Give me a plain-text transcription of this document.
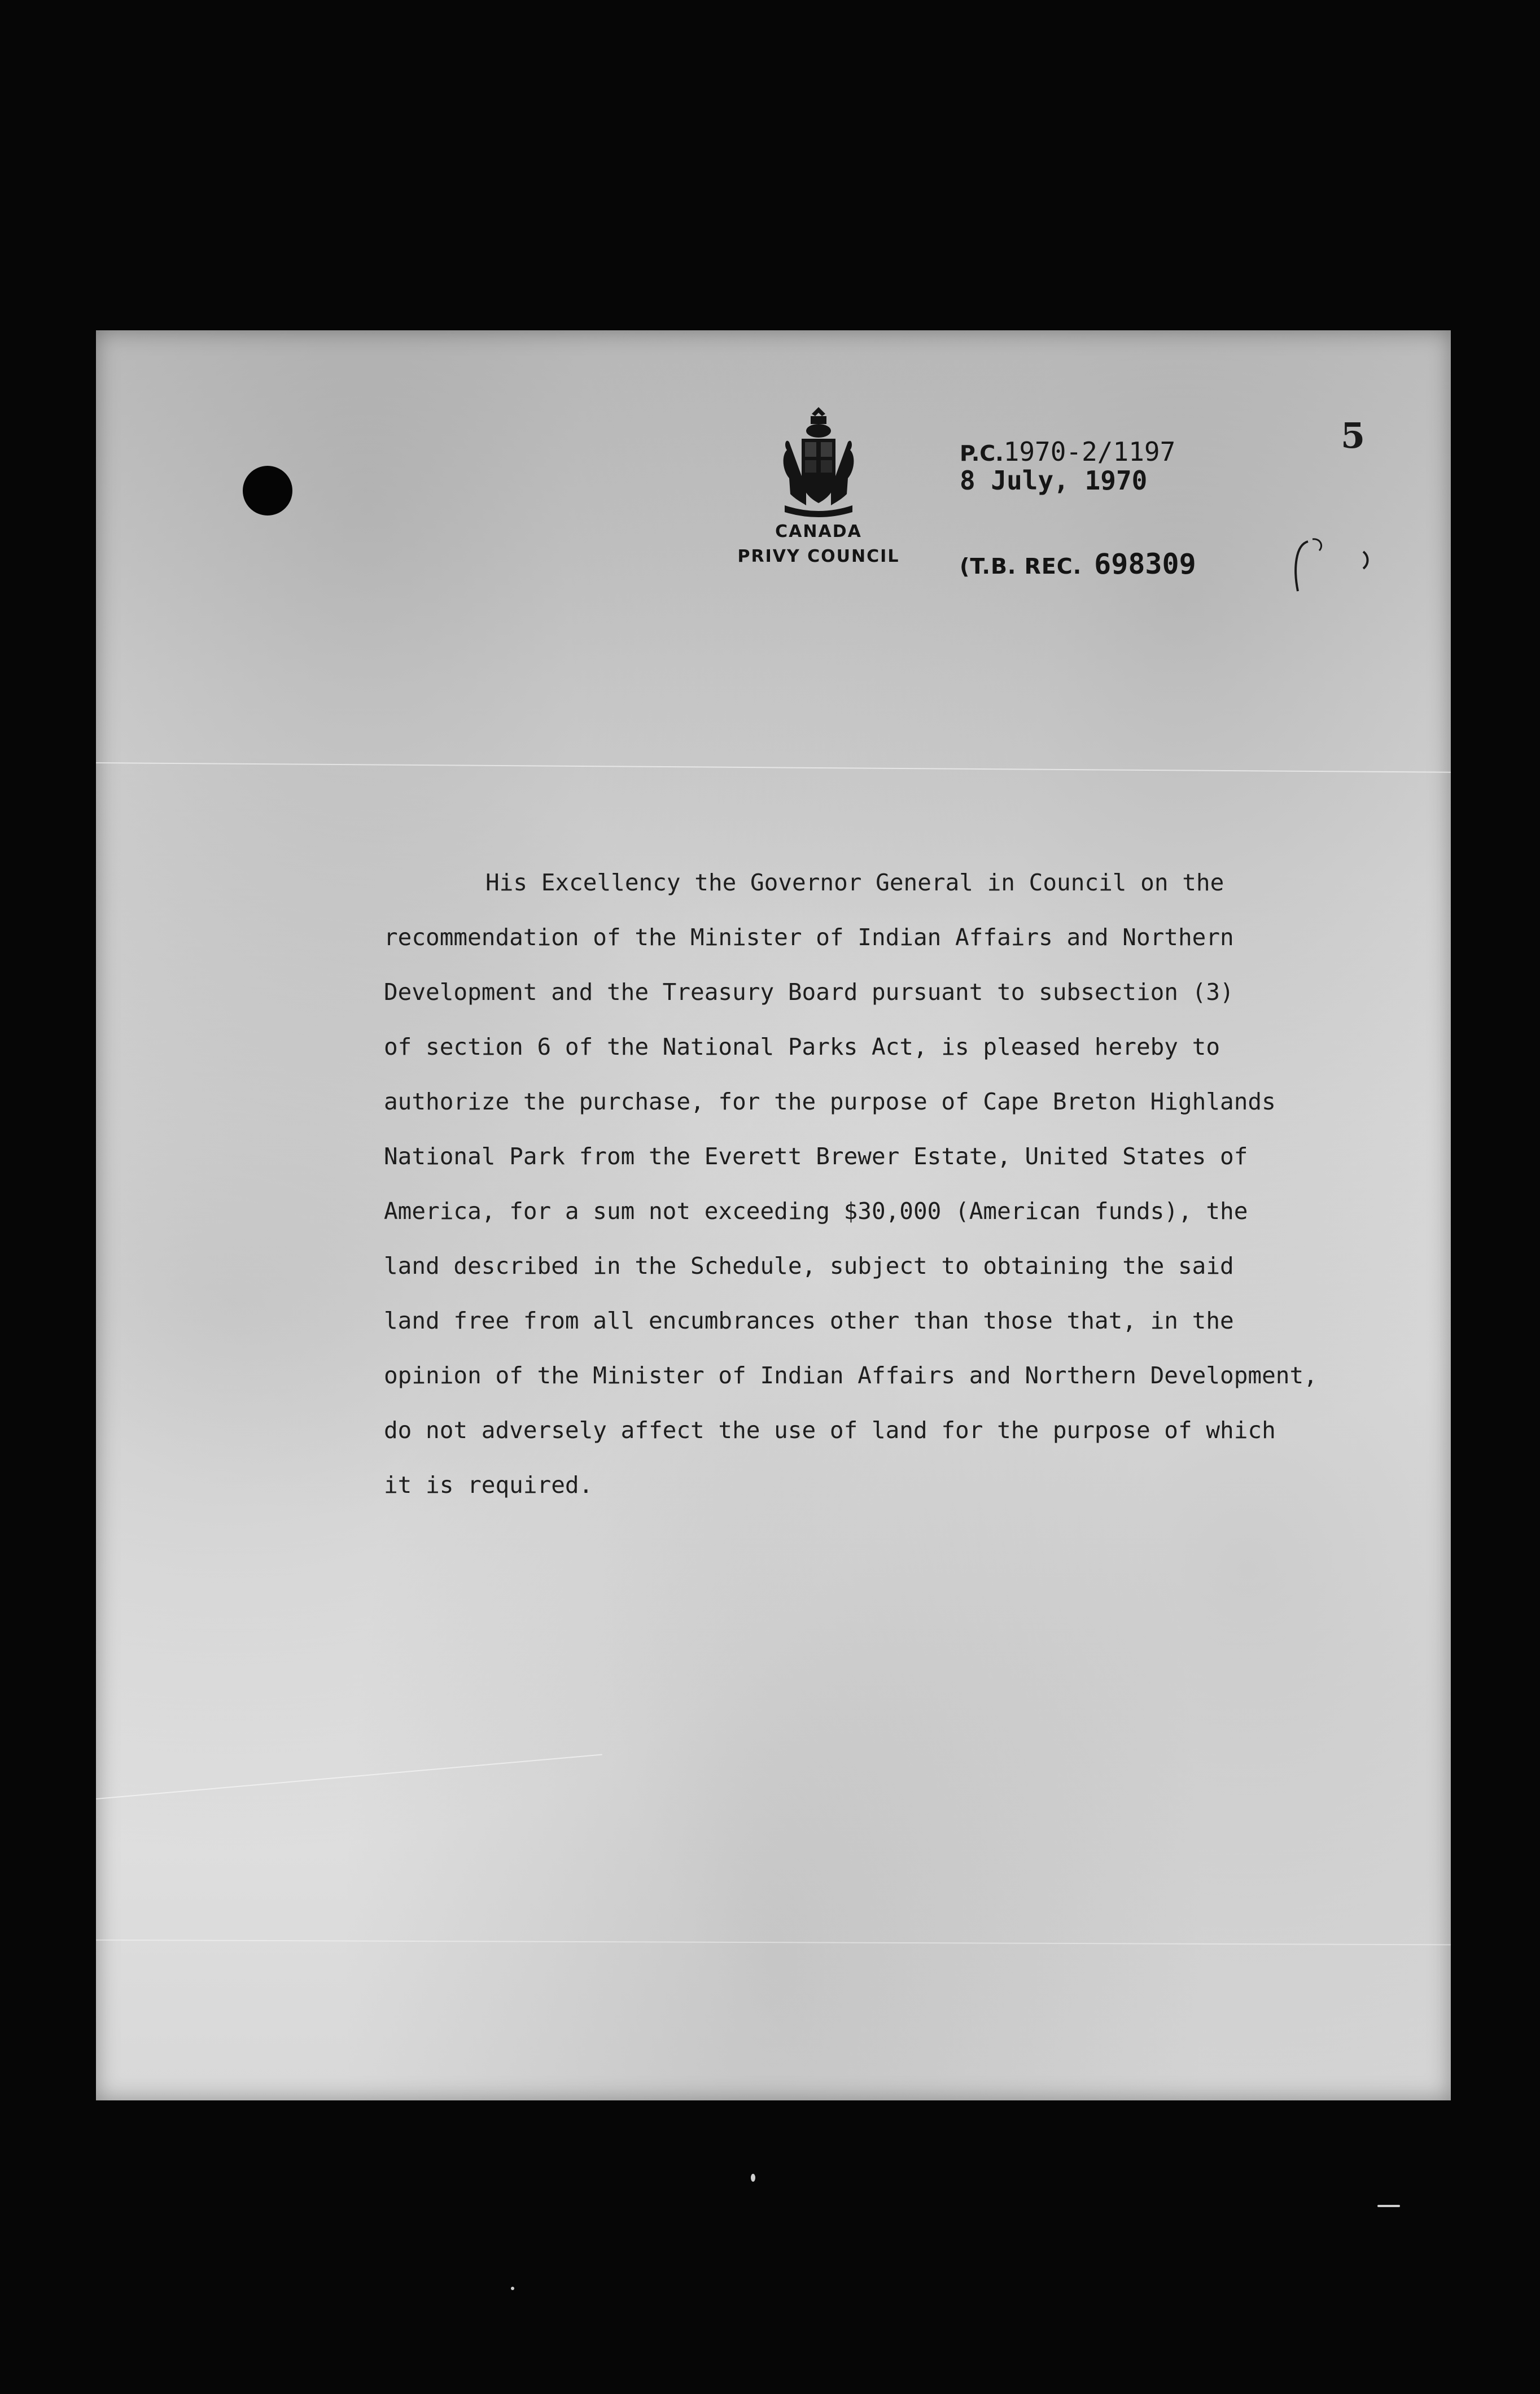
CANADA
PRIVY COUNCIL
P.C.1970-2/1197
8 July, 1970
(T.B. REC. 698309
5
His Excellency the Governor General in Council on the
recommendation of the Minister of Indian Affairs and Northern
Development and the Treasury Board pursuant to subsection (3)
of section 6 of the National Parks Act, is pleased hereby to
authorize the purchase, for the purpose of Cape Breton Highlands
National Park from the Everett Brewer Estate, United States of
America, for a sum not exceeding $30,000 (American funds), the
land described in the Schedule, subject to obtaining the said
land free from all encumbrances other than those that, in the
opinion of the Minister of Indian Affairs and Northern Development,
do not adversely affect the use of land for the purpose of which
it is required.
